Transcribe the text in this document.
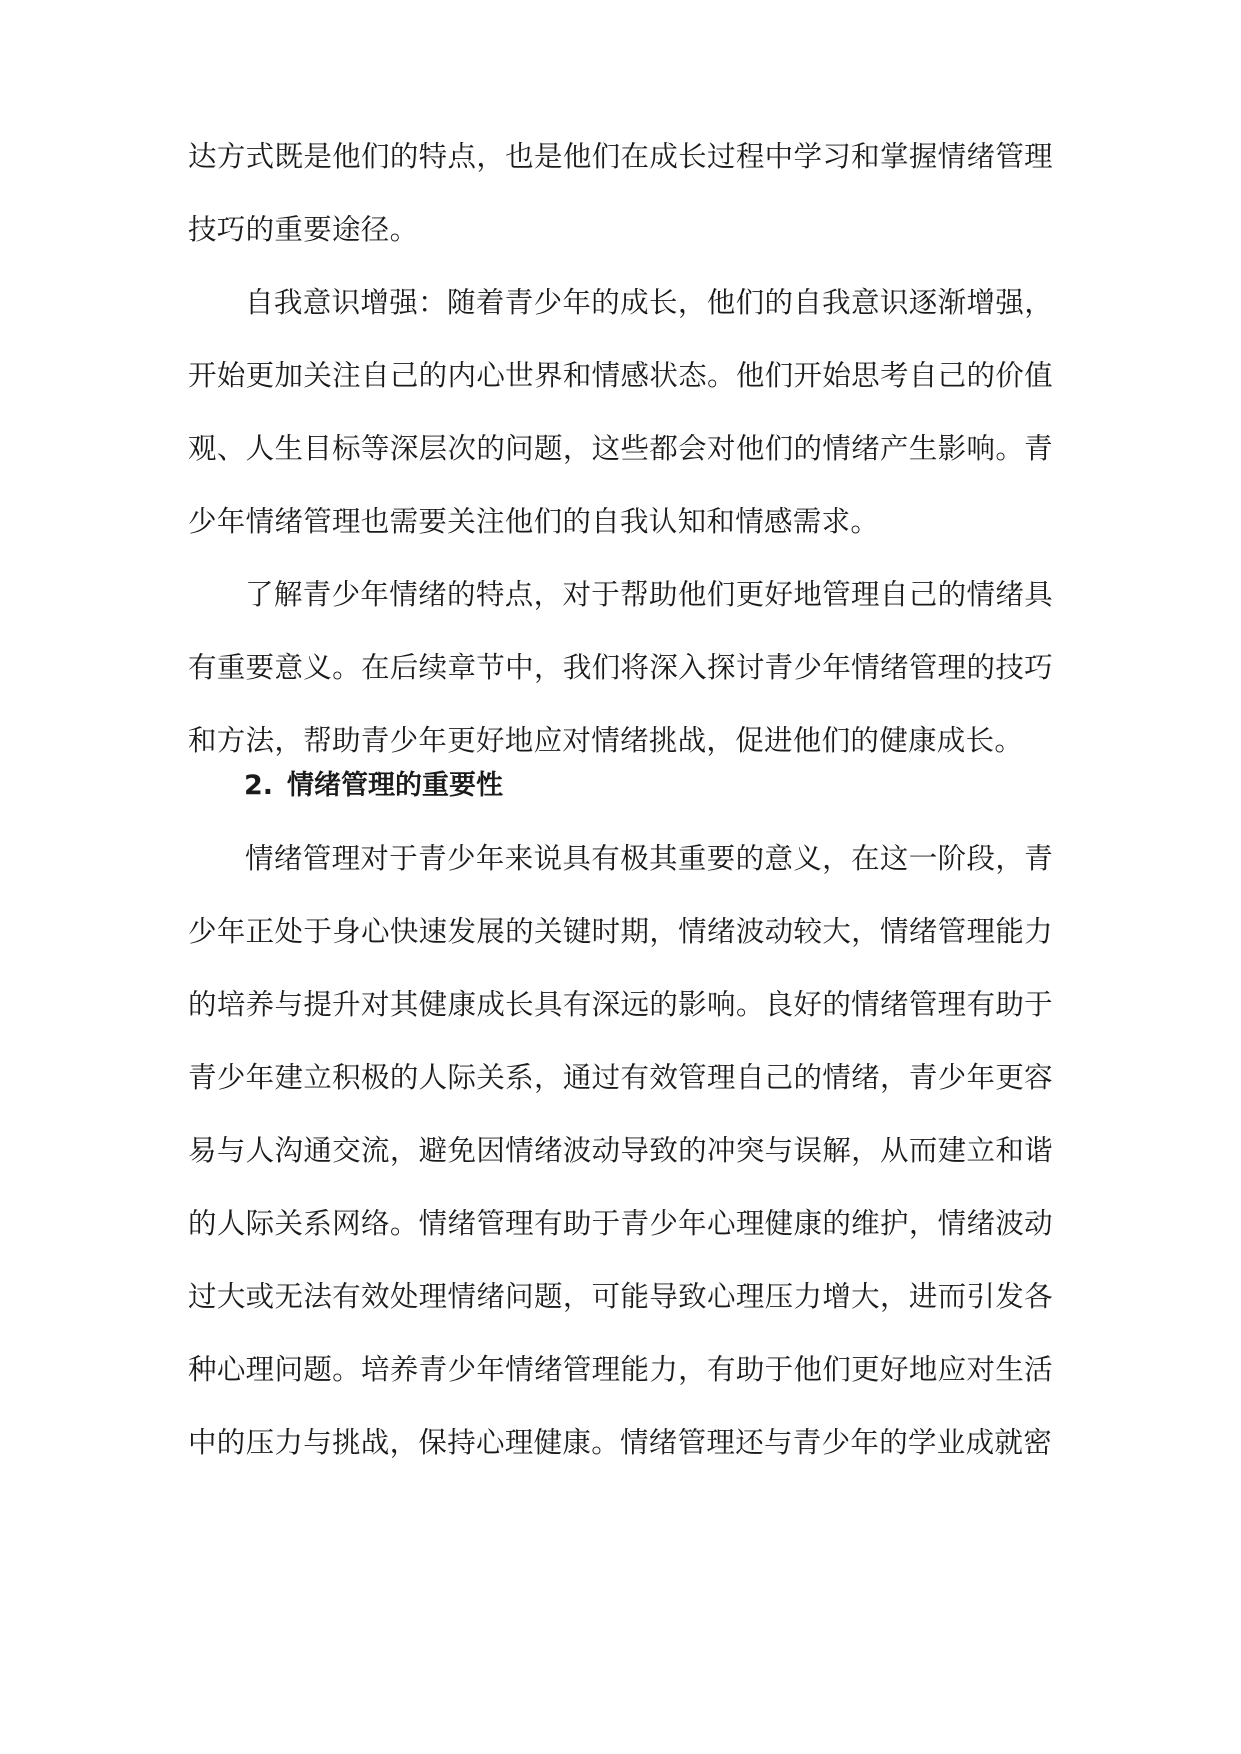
达方式既是他们的特点，也是他们在成长过程中学习和掌握情绪管理技巧的重要途径。

自我意识增强：随着青少年的成长，他们的自我意识逐渐增强，开始更加关注自己的内心世界和情感状态。他们开始思考自己的价值观、人生目标等深层次的问题，这些都会对他们的情绪产生影响。青少年情绪管理也需要关注他们的自我认知和情感需求。

了解青少年情绪的特点，对于帮助他们更好地管理自己的情绪具有重要意义。在后续章节中，我们将深入探讨青少年情绪管理的技巧和方法，帮助青少年更好地应对情绪挑战，促进他们的健康成长。

2. 情绪管理的重要性

情绪管理对于青少年来说具有极其重要的意义，在这一阶段，青少年正处于身心快速发展的关键时期，情绪波动较大，情绪管理能力的培养与提升对其健康成长具有深远的影响。良好的情绪管理有助于青少年建立积极的人际关系，通过有效管理自己的情绪，青少年更容易与人沟通交流，避免因情绪波动导致的冲突与误解，从而建立和谐的人际关系网络。情绪管理有助于青少年心理健康的维护，情绪波动过大或无法有效处理情绪问题，可能导致心理压力增大，进而引发各种心理问题。培养青少年情绪管理能力，有助于他们更好地应对生活中的压力与挑战，保持心理健康。情绪管理还与青少年的学业成就密
